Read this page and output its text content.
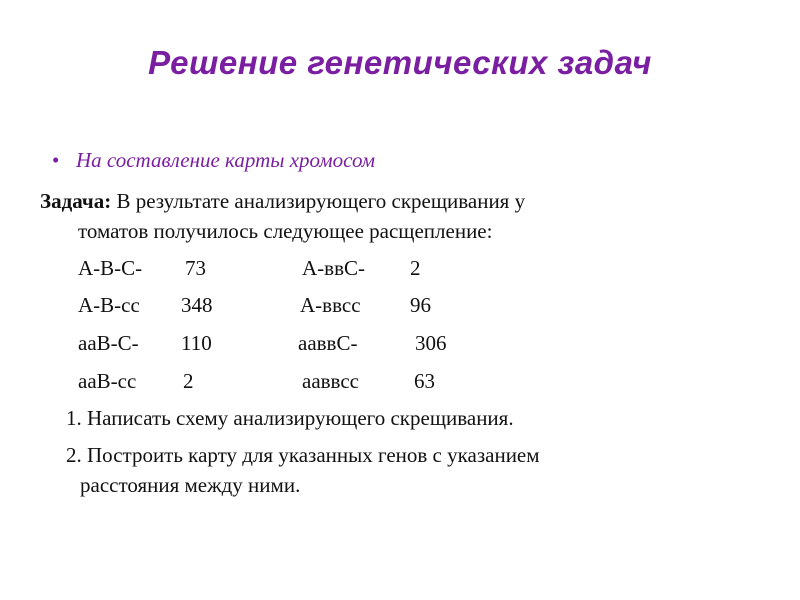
Решение генетических задач
• На составление карты хромосом
Задача: В результате анализирующего скрещивания у
томатов получилось следующее расщепление:
А-В-С- 73	А-ввС- 2
А-В-сс 348	А-ввсс 96
ааВ-С- 110	ааввС-	306
ааВ-сс 2	ааввсс	63
1. Написать схему анализирующего скрещивания.
2. Построить карту для указанных генов с указанием
расстояния между ними.
